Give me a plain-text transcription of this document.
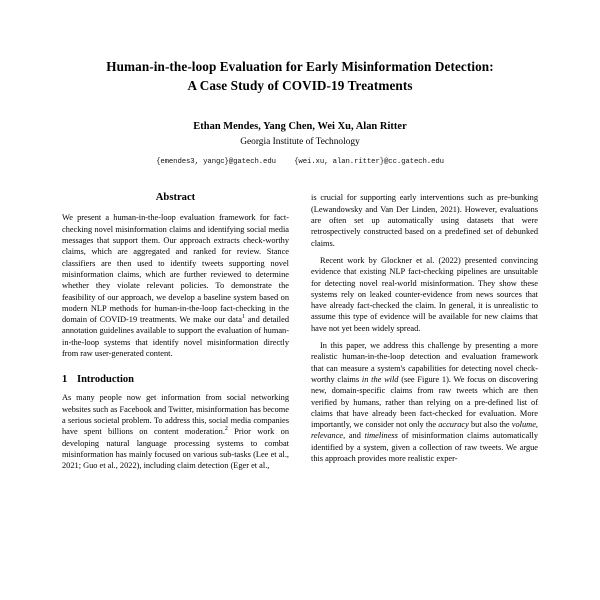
Human-in-the-loop Evaluation for Early Misinformation Detection:
A Case Study of COVID-19 Treatments
Ethan Mendes, Yang Chen, Wei Xu, Alan Ritter
Georgia Institute of Technology
{emendes3, yangc}@gatech.edu	{wei.xu, alan.ritter}@cc.gatech.edu
Abstract

We present a human-in-the-loop evaluation framework for fact-checking novel misinformation claims and identifying social media messages that support them. Our approach extracts check-worthy claims, which are aggregated and ranked for review. Stance classifiers are then used to identify tweets supporting novel misinformation claims, which are further reviewed to determine whether they violate relevant policies. To demonstrate the feasibility of our approach, we develop a baseline system based on modern NLP methods for human-in-the-loop fact-checking in the domain of COVID-19 treatments. We make our data$^1$ and detailed annotation guidelines available to support the evaluation of human-in-the-loop systems that identify novel misinformation directly from raw user-generated content.

1 Introduction

As many people now get information from social networking websites such as Facebook and Twitter, misinformation has become a serious societal problem. To address this, social media companies have spent billions on content moderation.$^2$ Prior work on developing natural language processing systems to combat misinformation has mainly focused on various sub-tasks (Lee et al., 2021; Guo et al., 2022), including claim detection (Eger et al.,

is crucial for supporting early interventions such as pre-bunking (Lewandowsky and Van Der Linden, 2021). However, evaluations are often set up automatically using datasets that were retrospectively constructed based on a predefined set of debunked claims.

Recent work by Glockner et al. (2022) presented convincing evidence that existing NLP fact-checking pipelines are unsuitable for detecting novel real-world misinformation. They show these systems rely on leaked counter-evidence from news sources that have already fact-checked the claim. In general, it is unrealistic to assume this type of evidence will be available for new claims that have not yet been widely spread.

In this paper, we address this challenge by presenting a more realistic human-in-the-loop detection and evaluation framework that can measure a system's capabilities for detecting novel check-worthy claims in the wild (see Figure 1). We focus on discovering new, domain-specific claims from raw tweets which are then verified by humans, rather than relying on a pre-defined list of claims that have already been fact-checked for evaluation. More importantly, we consider not only the accuracy but also the volume, relevance, and timeliness of misinformation claims automatically identified by a system, given a collection of raw tweets. We argue this approach provides more realistic exper-
